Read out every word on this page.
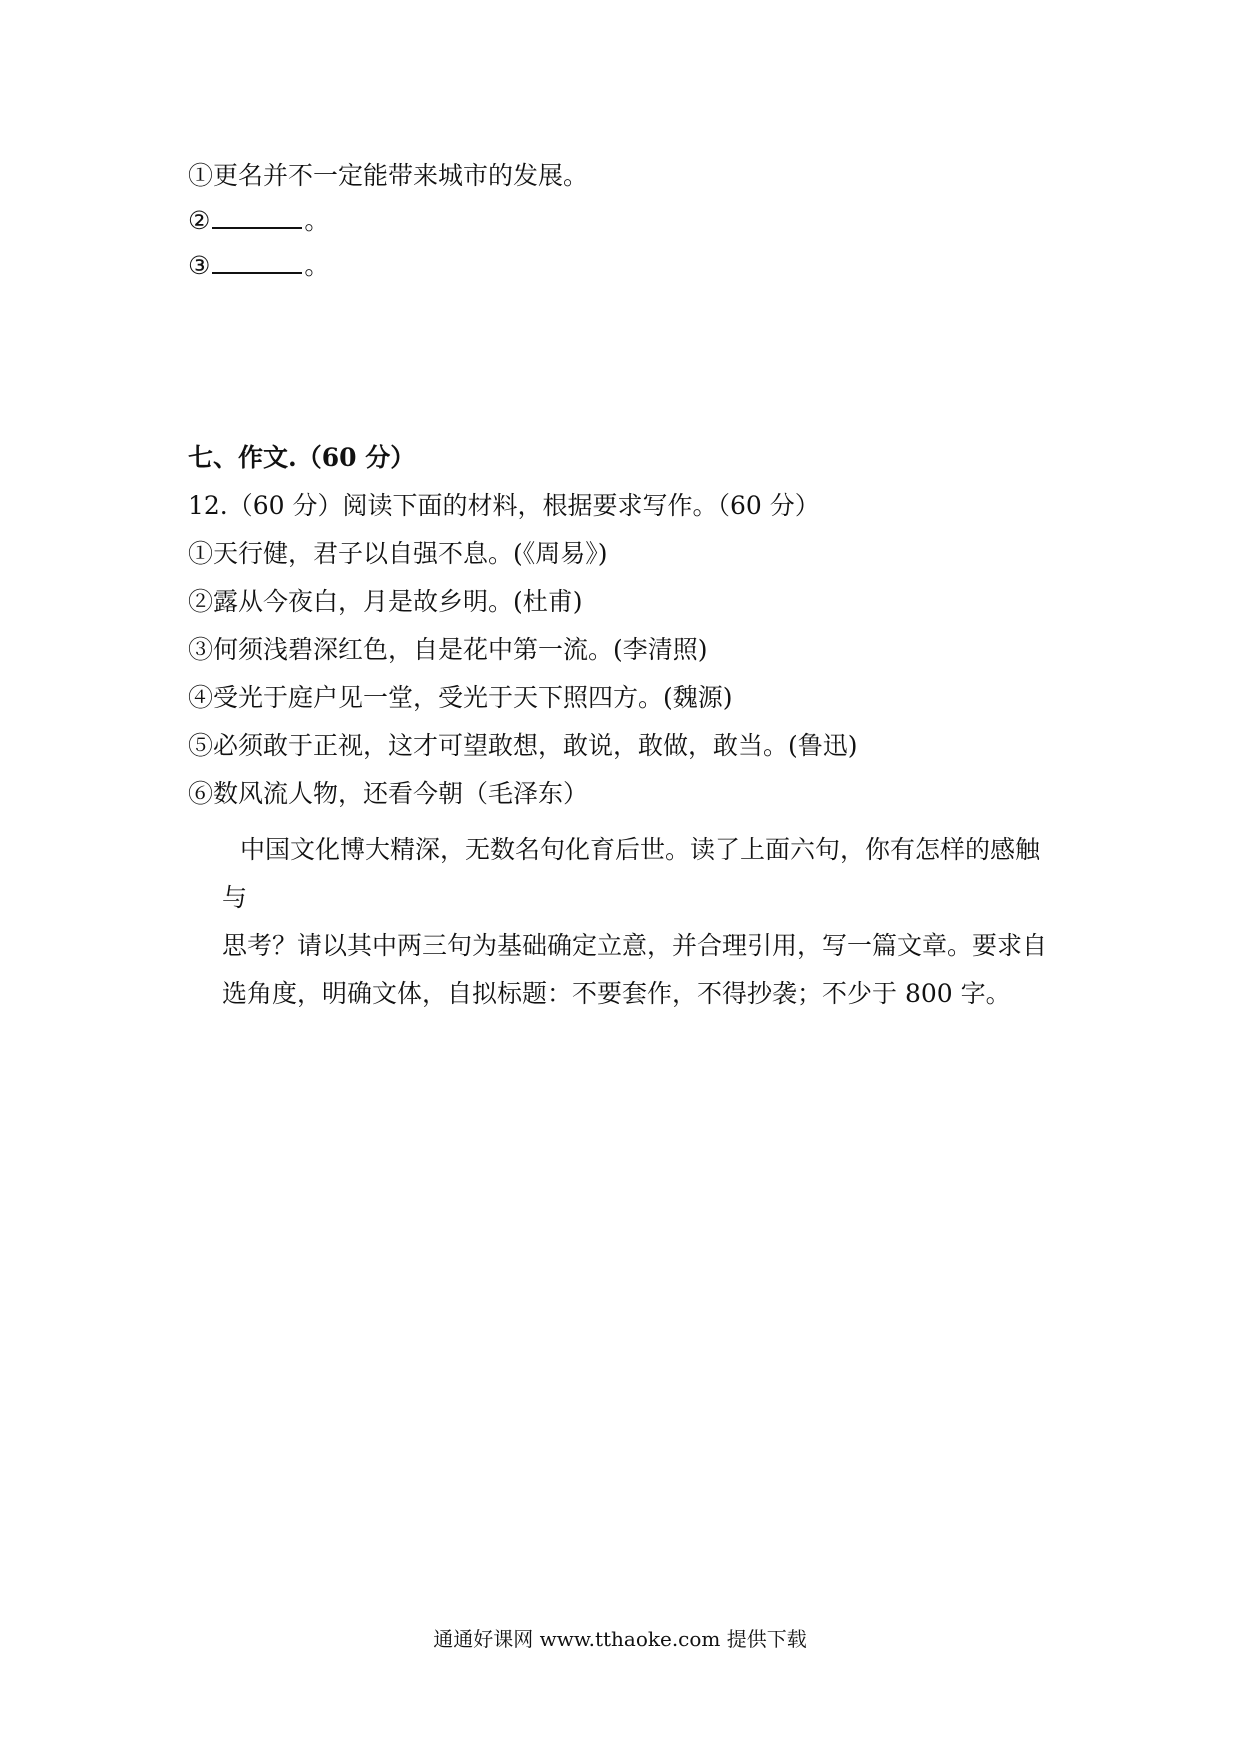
①更名并不一定能带来城市的发展。
②	。
③	。
七、作文.（60 分）
12.（60 分）阅读下面的材料，根据要求写作。（60 分）
①天行健，君子以自强不息。(《周易》)
②露从今夜白，月是故乡明。(杜甫)
③何须浅碧深红色，自是花中第一流。(李清照)
④受光于庭户见一堂，受光于天下照四方。(魏源)
⑤必须敢于正视，这才可望敢想，敢说，敢做，敢当。(鲁迅)
⑥数风流人物，还看今朝（毛泽东）
中国文化博大精深，无数名句化育后世。读了上面六句，你有怎样的感触与
思考？请以其中两三句为基础确定立意，并合理引用，写一篇文章。要求自
选角度，明确文体，自拟标题：不要套作，不得抄袭；不少于 800 字。
通通好课网 www.tthaoke.com 提供下载
